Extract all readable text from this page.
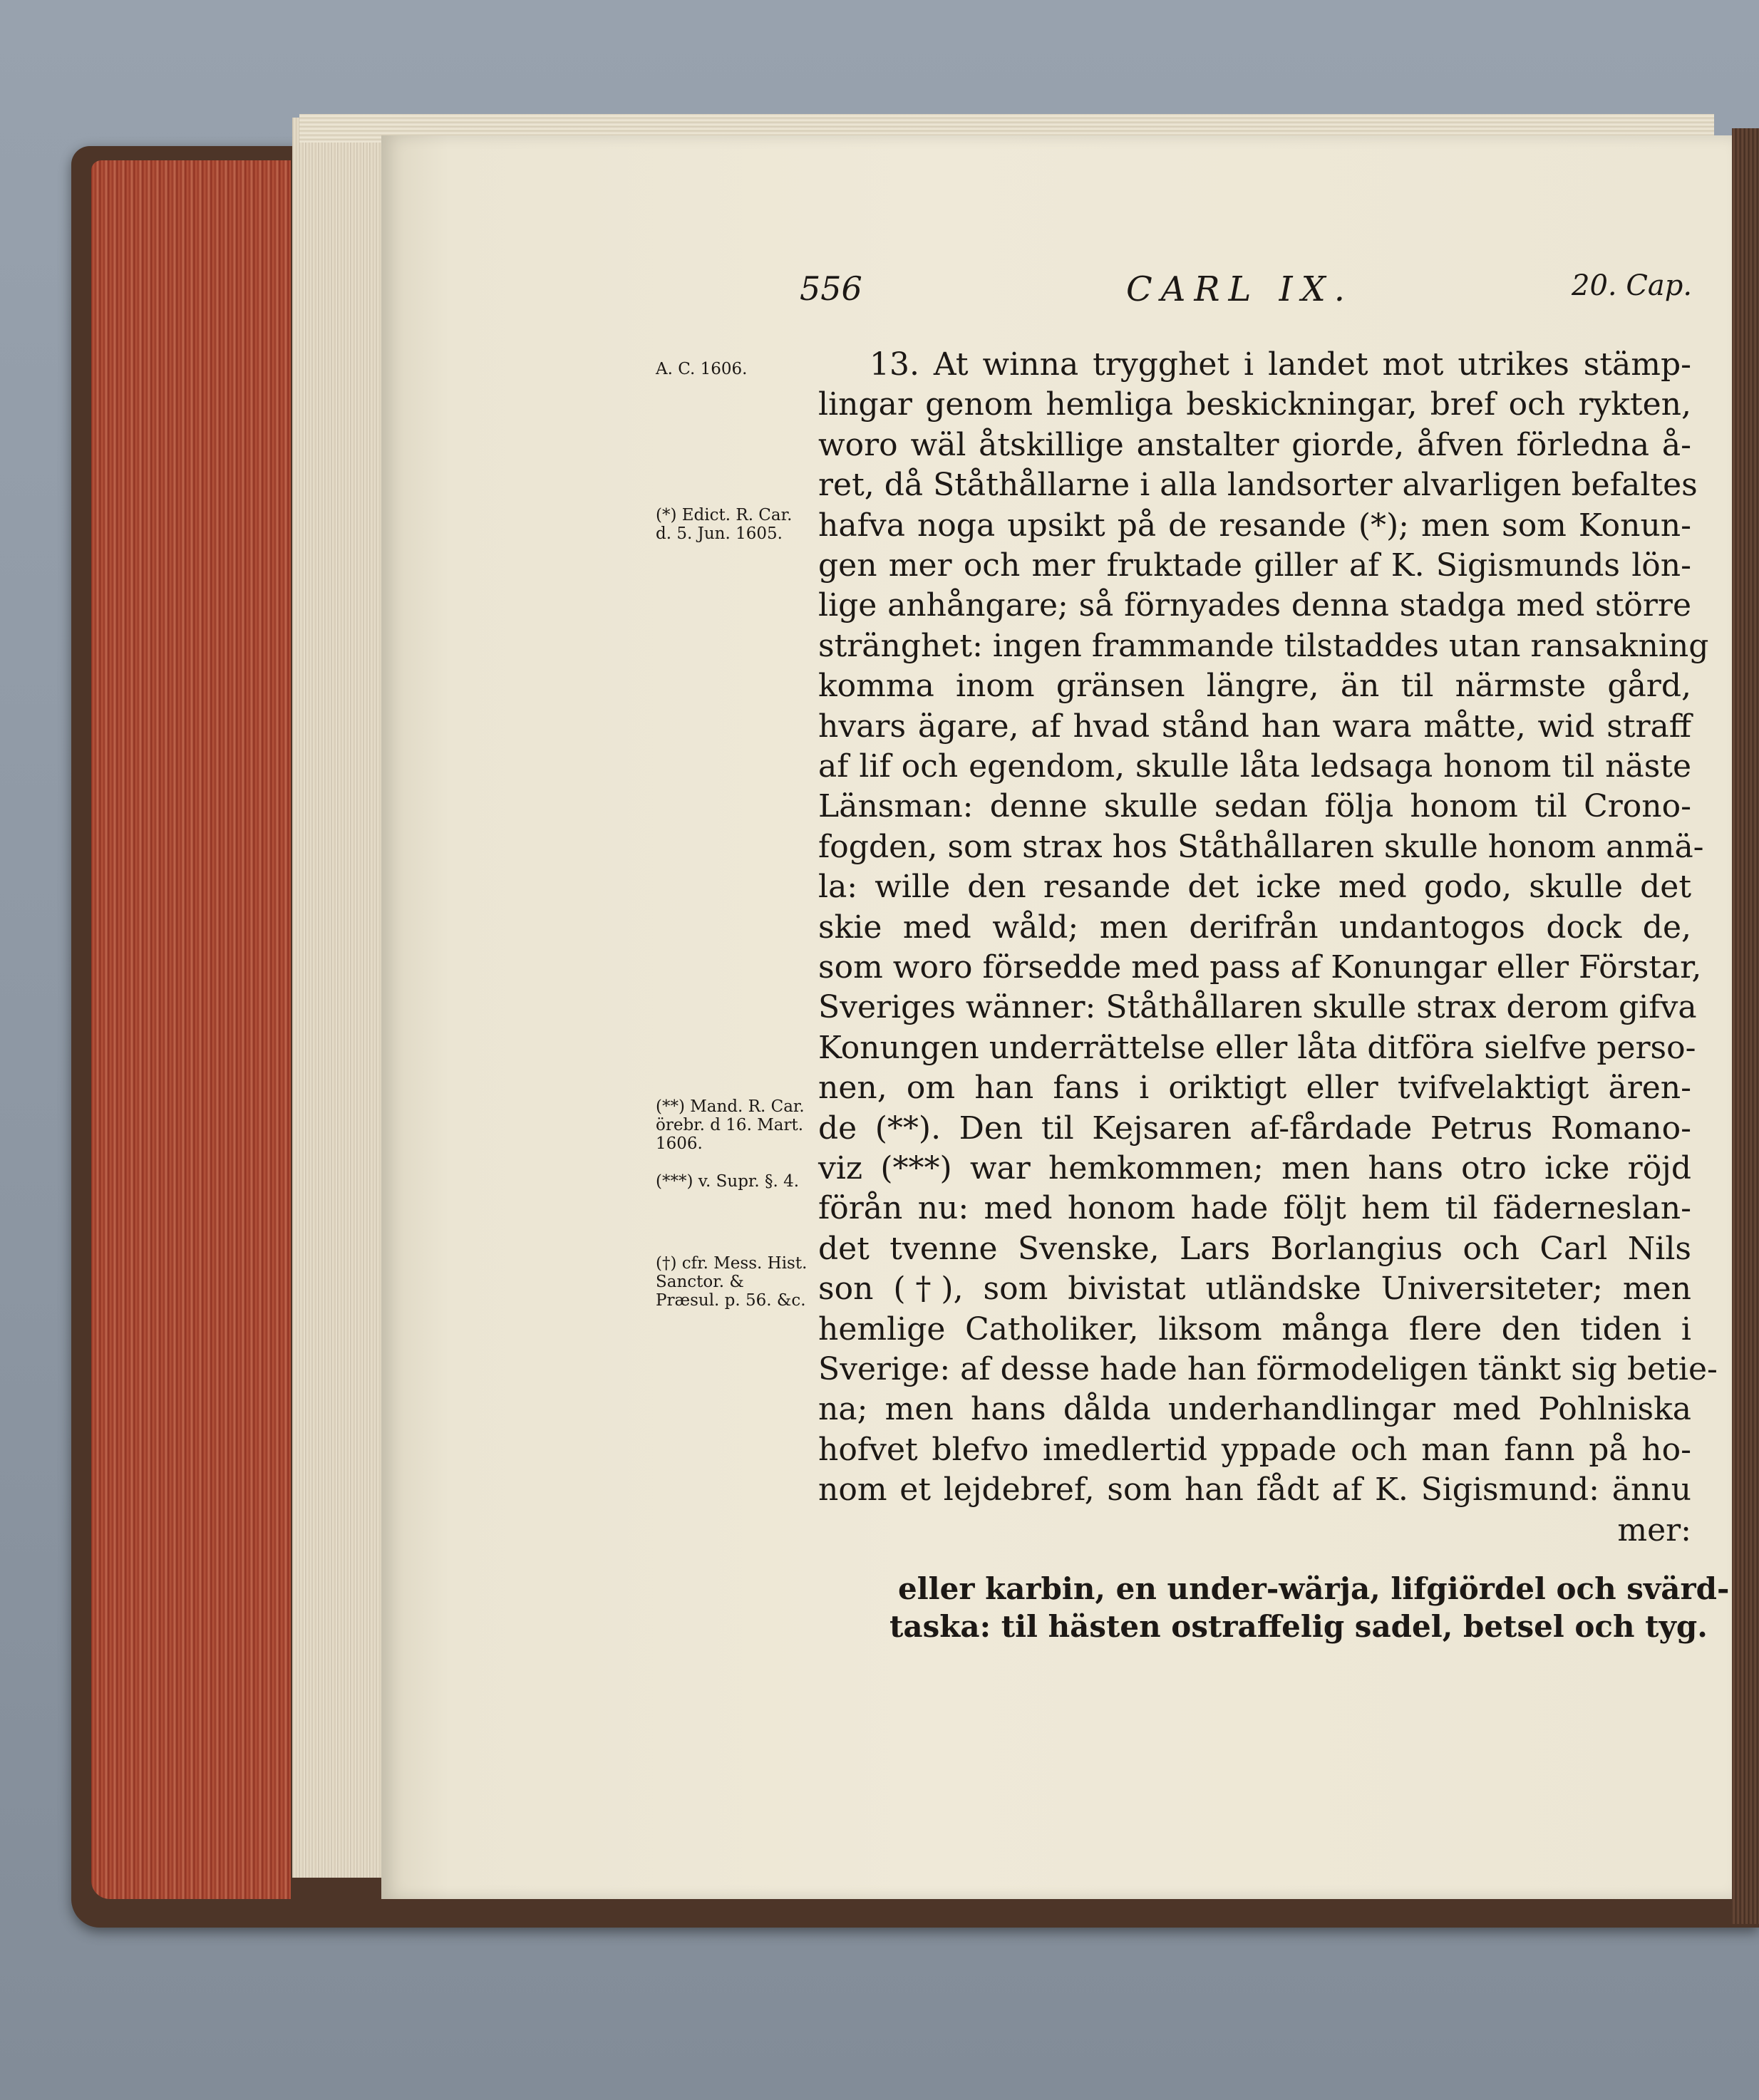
556	CARL IX.	20. Cap.
A. C. 1606.
(*) Edict. R. Car. d. 5. Jun. 1605.
(**) Mand. R. Car. örebr. d 16. Mart. 1606.
(***) v. Supr. §. 4.
(†) cfr. Mess. Hist. Sanctor. & Præsul. p. 56. &c.
13. At winna trygghet i landet mot utrikes stämp-
lingar genom hemliga beskickningar, bref och rykten,
woro wäl åtskillige anstalter giorde, åfven förledna å-
ret, då Ståthållarne i alla landsorter alvarligen befaltes
hafva noga upsikt på de resande (*); men som Konun-
gen mer och mer fruktade giller af K. Sigismunds lön-
lige anhångare; så förnyades denna stadga med större
stränghet: ingen frammande tilstaddes utan ransakning
komma inom gränsen längre, än til närmste gård,
hvars ägare, af hvad stånd han wara måtte, wid straff
af lif och egendom, skulle låta ledsaga honom til näste
Länsman: denne skulle sedan följa honom til Crono-
fogden, som strax hos Ståthållaren skulle honom anmä-
la: wille den resande det icke med godo, skulle det
skie med wåld; men derifrån undantogos dock de,
som woro försedde med pass af Konungar eller Förstar,
Sveriges wänner: Ståthållaren skulle strax derom gifva
Konungen underrättelse eller låta ditföra sielfve perso-
nen, om han fans i oriktigt eller tvifvelaktigt ären-
de (**). Den til Kejsaren af-fårdade Petrus Romano-
viz (***) war hemkommen; men hans otro icke röjd
förån nu: med honom hade följt hem til fäderneslan-
det tvenne Svenske, Lars Borlangius och Carl Nils
son (†), som bivistat utländske Universiteter; men
hemlige Catholiker, liksom många flere den tiden i
Sverige: af desse hade han förmodeligen tänkt sig betie-
na; men hans dålda underhandlingar med Pohlniska
hofvet blefvo imedlertid yppade och man fann på ho-
nom et lejdebref, som han fådt af K. Sigismund: ännu
mer:
eller karbin, en under-wärja, lifgiördel och svärd-
taska: til hästen ostraffelig sadel, betsel och tyg.
